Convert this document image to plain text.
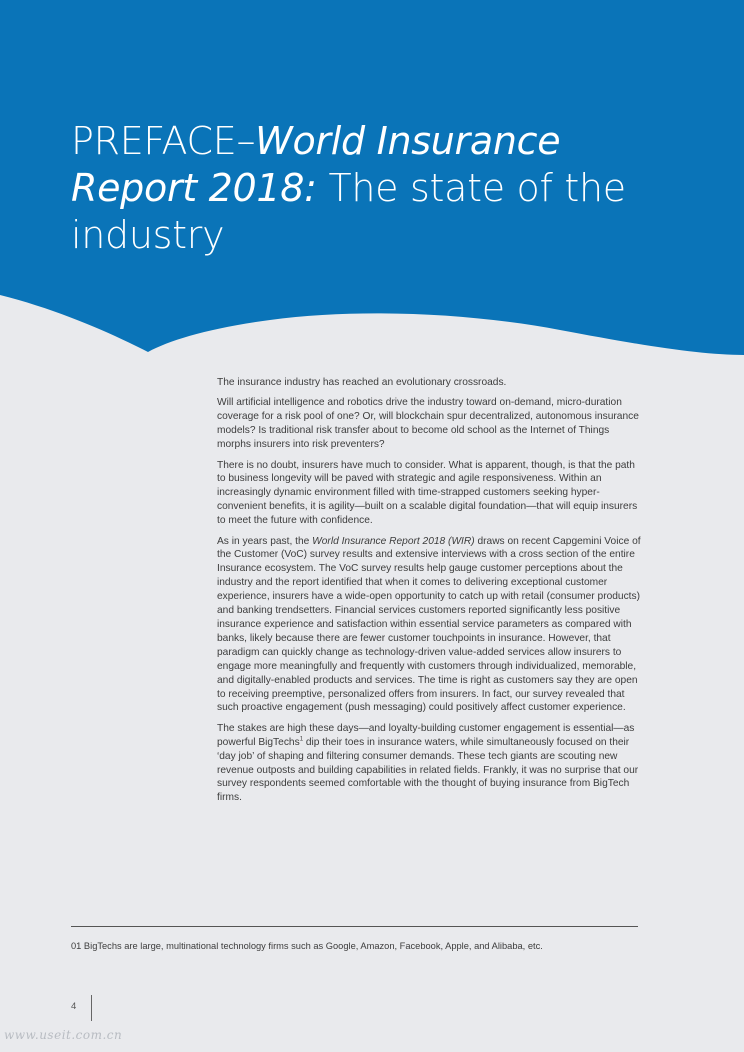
PREFACE–World Insurance Report 2018: The state of the industry

The insurance industry has reached an evolutionary crossroads.

Will artificial intelligence and robotics drive the industry toward on-demand, micro-duration coverage for a risk pool of one? Or, will blockchain spur decentralized, autonomous insurance models? Is traditional risk transfer about to become old school as the Internet of Things morphs insurers into risk preventers?

There is no doubt, insurers have much to consider. What is apparent, though, is that the path to business longevity will be paved with strategic and agile responsiveness. Within an increasingly dynamic environment filled with time-strapped customers seeking hyper-convenient benefits, it is agility—built on a scalable digital foundation—that will equip insurers to meet the future with confidence.

As in years past, the World Insurance Report 2018 (WIR) draws on recent Capgemini Voice of the Customer (VoC) survey results and extensive interviews with a cross section of the entire Insurance ecosystem. The VoC survey results help gauge customer perceptions about the industry and the report identified that when it comes to delivering exceptional customer experience, insurers have a wide-open opportunity to catch up with retail (consumer products) and banking trendsetters. Financial services customers reported significantly less positive insurance experience and satisfaction within essential service parameters as compared with banks, likely because there are fewer customer touchpoints in insurance. However, that paradigm can quickly change as technology-driven value-added services allow insurers to engage more meaningfully and frequently with customers through individualized, memorable, and digitally-enabled products and services. The time is right as customers say they are open to receiving preemptive, personalized offers from insurers. In fact, our survey revealed that such proactive engagement (push messaging) could positively affect customer experience.

The stakes are high these days—and loyalty-building customer engagement is essential—as powerful BigTechs$^1$ dip their toes in insurance waters, while simultaneously focused on their ‘day job’ of shaping and filtering consumer demands. These tech giants are scouting new revenue outposts and building capabilities in related fields. Frankly, it was no surprise that our survey respondents seemed comfortable with the thought of buying insurance from BigTech firms.

01 BigTechs are large, multinational technology firms such as Google, Amazon, Facebook, Apple, and Alibaba, etc.
4
www.useit.com.cn
